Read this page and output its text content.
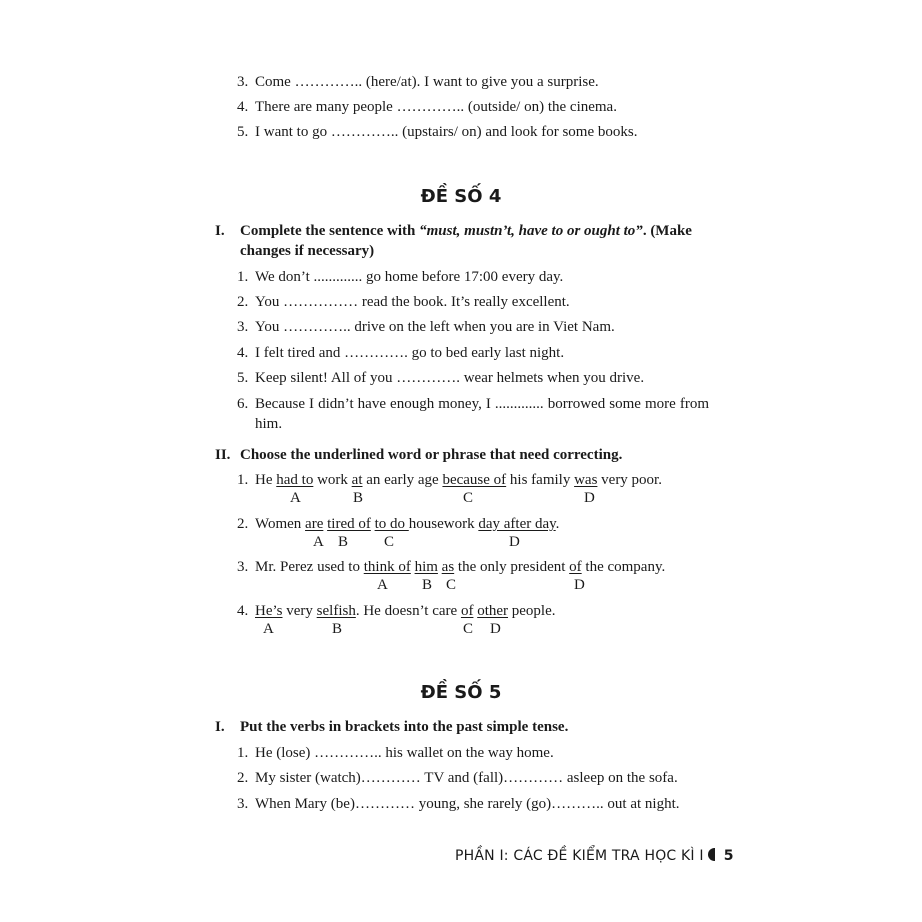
3. Come ………….. (here/at). I want to give you a surprise.
4. There are many people ………….. (outside/ on) the cinema.
5. I want to go ………….. (upstairs/ on) and look for some books.
ĐỀ SỐ 4
I. Complete the sentence with “must, mustn’t, have to or ought to”. (Make
changes if necessary)
1. We don’t ............. go home before 17:00 every day.
2. You …………… read the book. It’s really excellent.
3. You ………….. drive on the left when you are in Viet Nam.
4. I felt tired and …………. go to bed early last night.
5. Keep silent! All of you …………. wear helmets when you drive.
6. Because I didn’t have enough money, I ............. borrowed some more from him.
II. Choose the underlined word or phrase that need correcting.
1. He had to work at an early age because of his family was very poor.
A	B	C	D
2. Women are tired of to do housework day after day.
A B C	D
3. Mr. Perez used to think of him as the only president of the company.
A B C	D
4. He’s very selfish. He doesn’t care of other people.
A	B	C D
ĐỀ SỐ 5
I. Put the verbs in brackets into the past simple tense.
1. He (lose) ………….. his wallet on the way home.
2. My sister (watch)………… TV and (fall)………… asleep on the sofa.
3. When Mary (be)………… young, she rarely (go)……….. out at night.
PHẦN I: CÁC ĐỀ KIỂM TRA HỌC KÌ I 5
